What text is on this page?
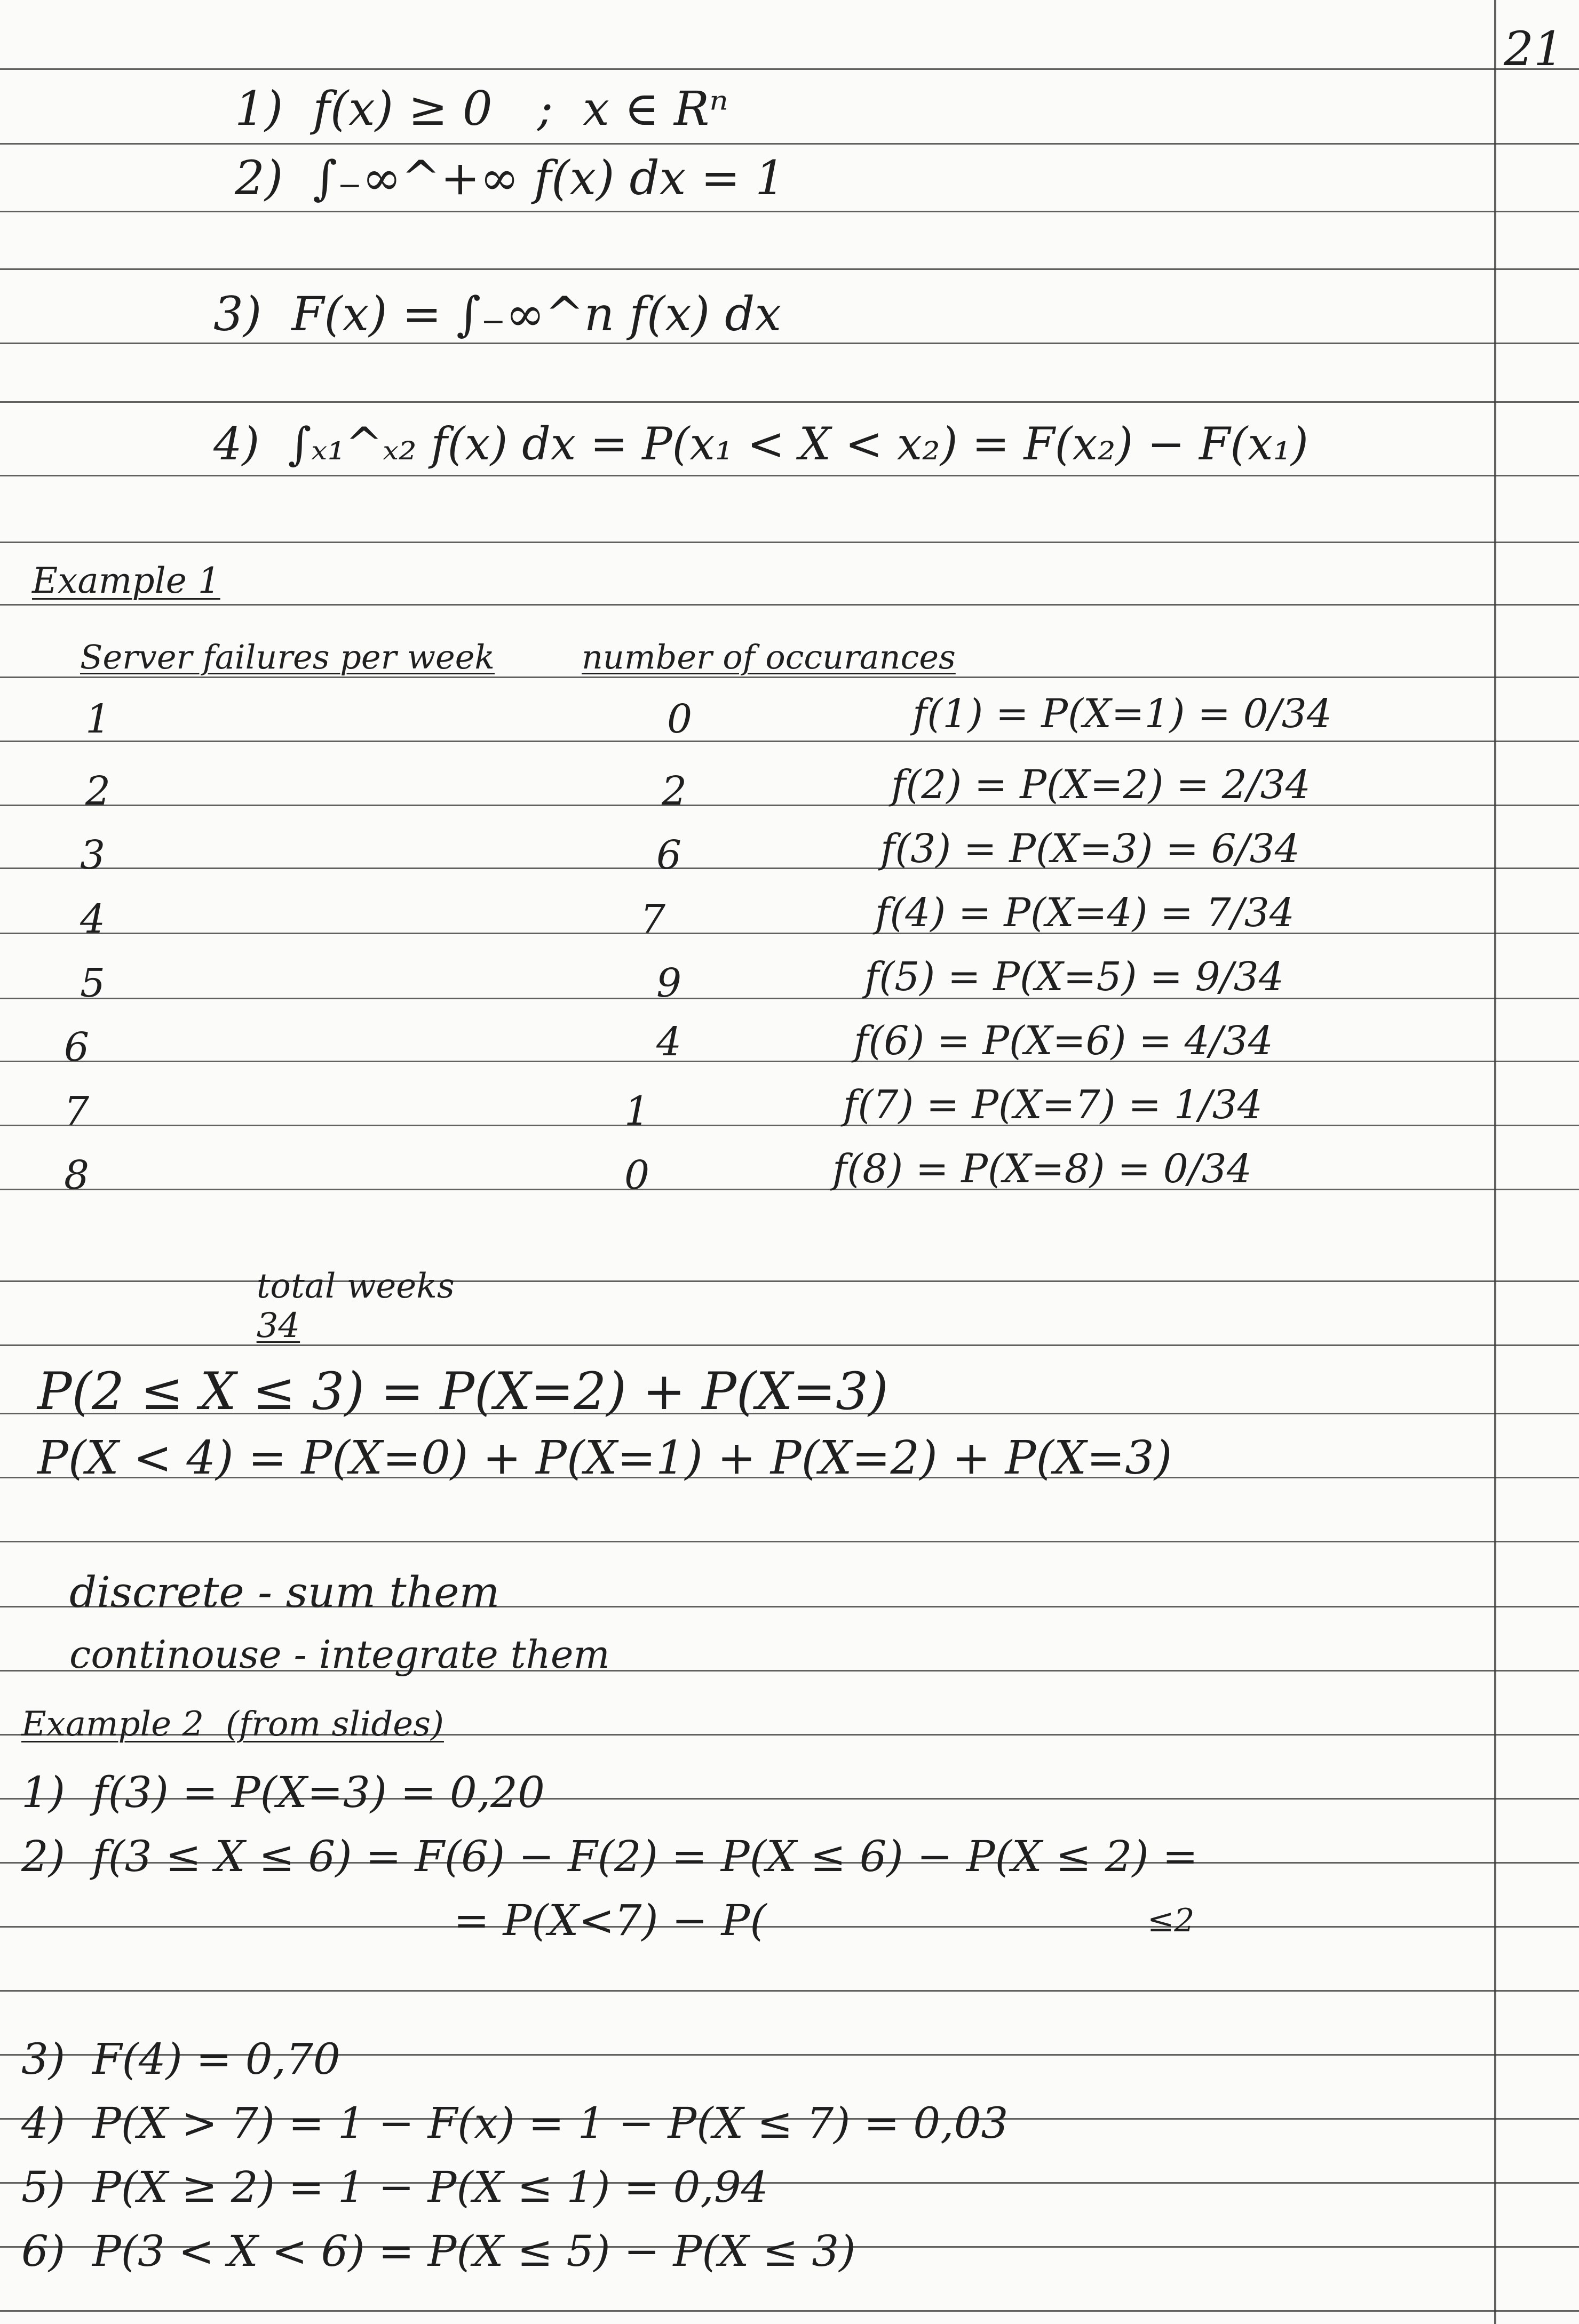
21
1)  f(x) ≥ 0   ;  x ∈ Rⁿ
2)  ∫₋∞^+∞ f(x) dx = 1
3)  F(x) = ∫₋∞^n f(x) dx
4)  ∫ₓ₁^ₓ₂ f(x) dx = P(x₁ < X < x₂) = F(x₂) − F(x₁)
Example 1
Server failures per week	number of occurances
1	0	f(1) = P(X=1) = 0/34
2	2	f(2) = P(X=2) = 2/34
3	6	f(3) = P(X=3) = 6/34
4	7	f(4) = P(X=4) = 7/34
5	9	f(5) = P(X=5) = 9/34
6	4	f(6) = P(X=6) = 4/34
7	1	f(7) = P(X=7) = 1/34
8	0	f(8) = P(X=8) = 0/34

total weeks
34

P(2 ≤ X ≤ 3) = P(X=2) + P(X=3)
P(X < 4) = P(X=0) + P(X=1) + P(X=2) + P(X=3)
discrete - sum them
continouse - integrate them
Example 2  (from slides)
1)  f(3) = P(X=3) = 0,20
2)  f(3 ≤ X ≤ 6) = F(6) − F(2) = P(X ≤ 6) − P(X ≤ 2) =
= P(X<7) − P(	≤2
3)  F(4) = 0,70
4)  P(X > 7) = 1 − F(x) = 1 − P(X ≤ 7) = 0,03
5)  P(X ≥ 2) = 1 − P(X ≤ 1) = 0,94
6)  P(3 < X < 6) = P(X ≤ 5) − P(X ≤ 3)
